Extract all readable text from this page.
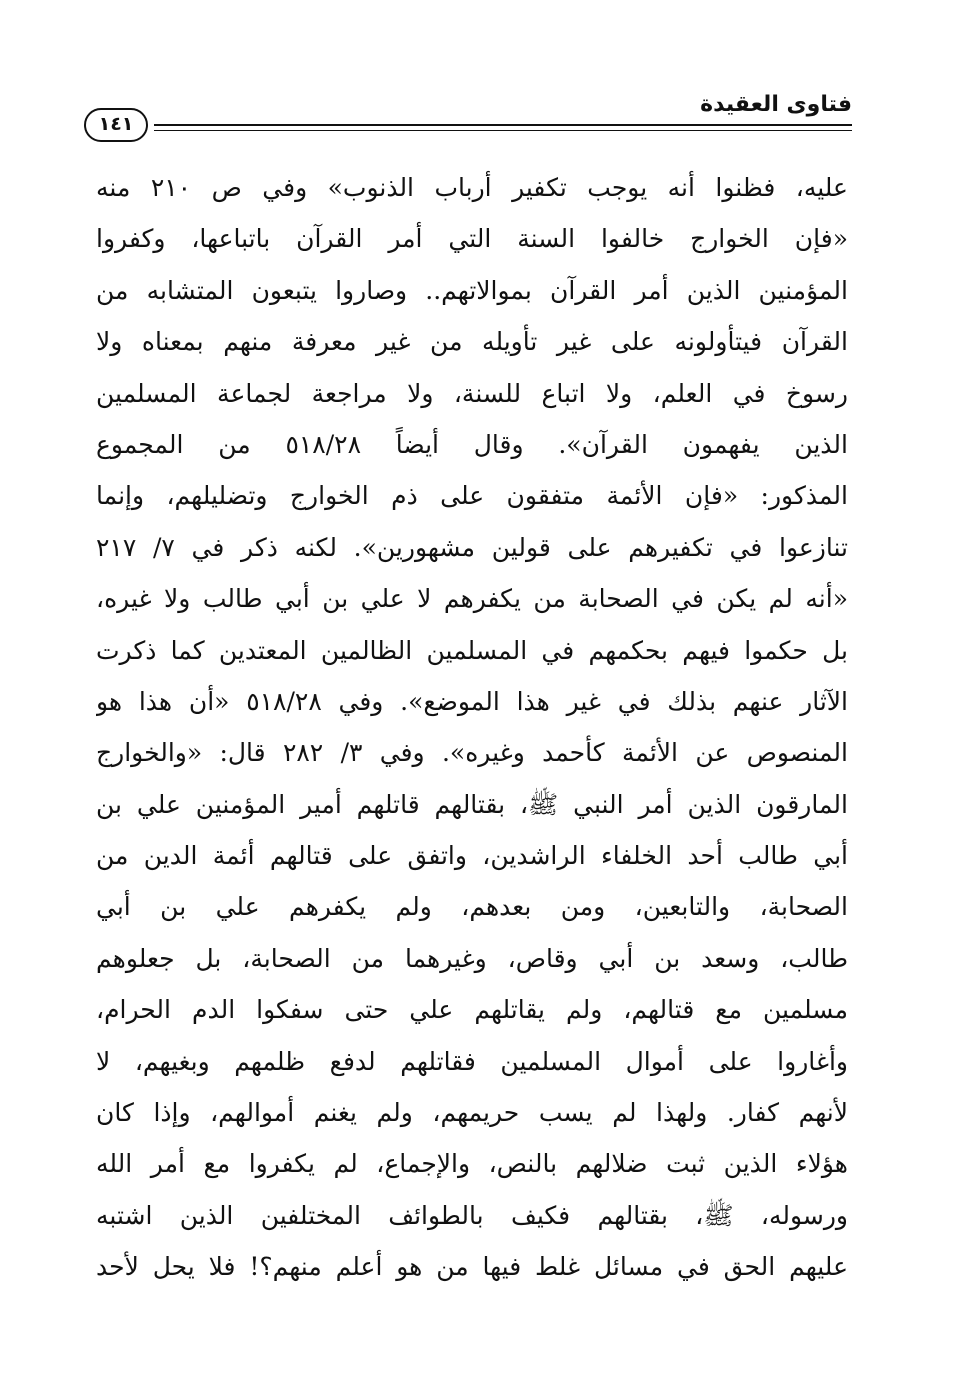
فتاوى العقيدة
١٤١
عليه، فظنوا أنه يوجب تكفير أرباب الذنوب» وفي ص ٢١٠ منه
«فإن الخوارج خالفوا السنة التي أمر القرآن باتباعها، وكفروا
المؤمنين الذين أمر القرآن بموالاتهم.. وصاروا يتبعون المتشابه من
القرآن فيتأولونه على غير تأويله من غير معرفة منهم بمعناه ولا
رسوخ في العلم، ولا اتباع للسنة، ولا مراجعة لجماعة المسلمين
الذين يفهمون القرآن». وقال أيضاً ٥١٨/٢٨ من المجموع
المذكور: «فإن الأئمة متفقون على ذم الخوارج وتضليلهم، وإنما
تنازعوا في تكفيرهم على قولين مشهورين». لكنه ذكر في ٧/ ٢١٧
«أنه لم يكن في الصحابة من يكفرهم لا علي بن أبي طالب ولا غيره،
بل حكموا فيهم بحكمهم في المسلمين الظالمين المعتدين كما ذكرت
الآثار عنهم بذلك في غير هذا الموضع». وفي ٥١٨/٢٨ «أن هذا هو
المنصوص عن الأئمة كأحمد وغيره». وفي ٣/ ٢٨٢ قال: «والخوارج
المارقون الذين أمر النبي ﷺ، بقتالهم قاتلهم أمير المؤمنين علي بن
أبي طالب أحد الخلفاء الراشدين، واتفق على قتالهم أئمة الدين من
الصحابة، والتابعين، ومن بعدهم، ولم يكفرهم علي بن أبي
طالب، وسعد بن أبي وقاص، وغيرهما من الصحابة، بل جعلوهم
مسلمين مع قتالهم، ولم يقاتلهم علي حتى سفكوا الدم الحرام،
وأغاروا على أموال المسلمين فقاتلهم لدفع ظلمهم وبغيهم، لا
لأنهم كفار. ولهذا لم يسب حريمهم، ولم يغنم أموالهم، وإذا كان
هؤلاء الذين ثبت ضلالهم بالنص، والإجماع، لم يكفروا مع أمر الله
ورسوله، ﷺ، بقتالهم فكيف بالطوائف المختلفين الذين اشتبه
عليهم الحق في مسائل غلط فيها من هو أعلم منهم؟! فلا يحل لأحد
